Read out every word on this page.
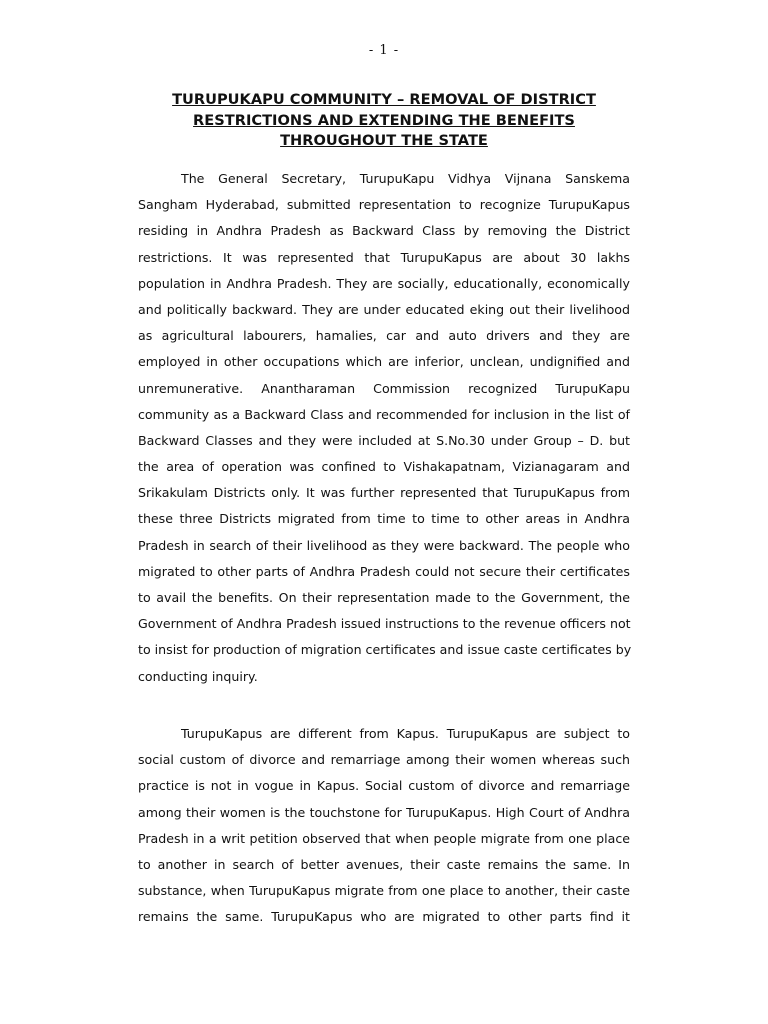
- 1 -
TURUPUKAPU COMMUNITY – REMOVAL OF DISTRICT
RESTRICTIONS AND EXTENDING THE BENEFITS
THROUGHOUT THE STATE
The General Secretary, TurupuKapu Vidhya Vijnana Sanskema
Sangham Hyderabad, submitted representation to recognize TurupuKapus
residing in Andhra Pradesh as Backward Class by removing the District
restrictions. It was represented that TurupuKapus are about 30 lakhs
population in Andhra Pradesh. They are socially, educationally, economically
and politically backward. They are under educated eking out their livelihood
as agricultural labourers, hamalies, car and auto drivers and they are
employed in other occupations which are inferior, unclean, undignified and
unremunerative. Anantharaman Commission recognized TurupuKapu
community as a Backward Class and recommended for inclusion in the list of
Backward Classes and they were included at S.No.30 under Group – D. but
the area of operation was confined to Vishakapatnam, Vizianagaram and
Srikakulam Districts only. It was further represented that TurupuKapus from
these three Districts migrated from time to time to other areas in Andhra
Pradesh in search of their livelihood as they were backward. The people who
migrated to other parts of Andhra Pradesh could not secure their certificates
to avail the benefits. On their representation made to the Government, the
Government of Andhra Pradesh issued instructions to the revenue officers not
to insist for production of migration certificates and issue caste certificates by
conducting inquiry.
TurupuKapus are different from Kapus. TurupuKapus are subject to
social custom of divorce and remarriage among their women whereas such
practice is not in vogue in Kapus. Social custom of divorce and remarriage
among their women is the touchstone for TurupuKapus. High Court of Andhra
Pradesh in a writ petition observed that when people migrate from one place
to another in search of better avenues, their caste remains the same. In
substance, when TurupuKapus migrate from one place to another, their caste
remains the same. TurupuKapus who are migrated to other parts find it
